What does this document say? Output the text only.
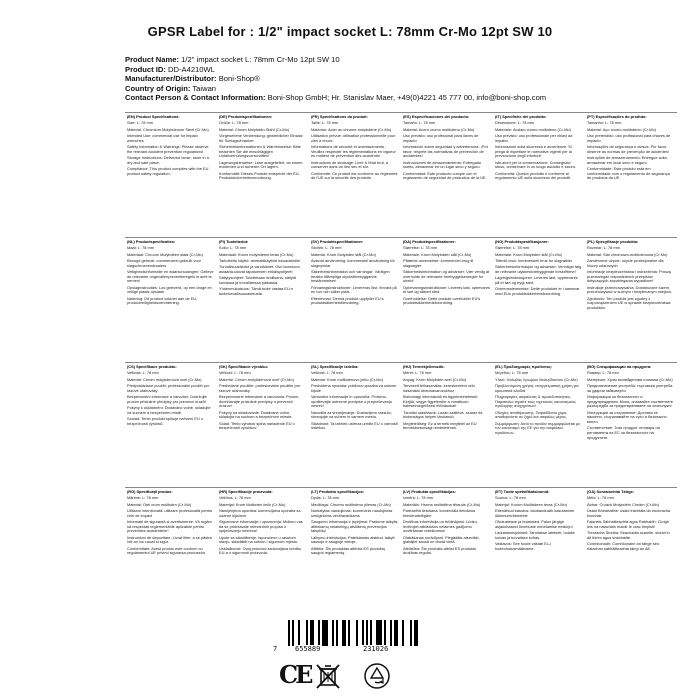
GPSR Label for : 1/2" impact socket L: 78mm Cr-Mo 12pt SW 10
Product Name: 1/2" impact socket L: 78mm Cr-Mo 12pt SW 10
Product ID: DD-A4210WL
Manufacturer/Distributor: Boni-Shop®
Country of Origin: Taiwan
Contact Person & Contact Information: Boni-Shop GmbH; Hr. Stanislav Maer, +49(0)4221 45 777 00, info@boni-shop.com

(EN) Product Specifications:

Size: L: 78 mm

Material: Chromium Molybdenum Steel (Cr-Mo)

Intended Use: commercial use for impact wrenches

Safety Information & Warnings: Please observe the relevant accident prevention regulations!

Storage Instructions: Delivered loose, store in a dry and safe place.

Compliance: This product complies with the EU product safety regulation.

(DE) Produktspezifikationen:

Größe: L: 78 mm

Material: Chrom Molybdän Stahl (Cr-Mo)

Vorgesehene Verwendung: gewerblicher Einsatz für Schlagschrauber

Sicherheitsinformationen & Warnhinweise: Bitte beachten Sie die einschlägigen Unfallverhütungsvorschriften!

Lagerungshinweise: Lose ausgeliefert, an einem trockenen und sicheren Ort lagern.

Konformität: Dieses Produkt entspricht der EU-Produktsicherheitsverordnung.

(FR) Spécifications du produit:

Taille: L: 78 mm

Matériau: Acier au chrome-molybdène (Cr-Mo)

Utilisation prévue: utilisation professionnelle pour clés à chocs

Informations de sécurité et avertissements : Veuillez respecter les réglementations en vigueur en matière de prévention des accidents!

Instructions de stockage: Livré à l'état brut, à conserver dans un lieu sec et sûr.

Conformité: Ce produit est conforme au règlement de l'UE sur la sécurité des produits.

(ES) Especificaciones del producto:

Tamaño: L: 78 mm

Material: Acero cromo molibdeno (Cr-Mo)

Uso previsto: uso profesional para llaves de impacto

Información sobre seguridad y advertencias: ¡Por favor, respete las normativas de prevención de accidentes!

Instrucciones de almacenamiento: Entregado suelto, almacenar en un lugar seco y seguro.

Conformidad: Este producto cumple con el reglamento de seguridad de productos de la UE.

(IT) Specifiche del prodotto:

Dimensione: L: 78 mm

Materiale: Acciaio cromo molibdeno (Cr-Mo)

Uso previsto: uso professionale per chiavi ad impatto

Informazioni sulla sicurezza e avvertenze: Si prega di rispettare le normative vigenti per la prevenzione degli infortuni!

Istruzioni per la conservazione: Consegnato sfuso, conservare in un luogo asciutto e sicuro.

Conformità: Questo prodotto è conforme al regolamento UE sulla sicurezza dei prodotti.

(PT) Especificações do produto:

Tamanho: L: 78 mm

Material: Aço cromo-molibdénio (Cr-Mo)

Uso pretendido: uso profissional para chaves de impacto

Informações de segurança e avisos: Por favor, observe as normas de prevenção de acidentes!

Instruções de armazenamento: Entregue solto, armazenar em local seco e seguro.

Conformidade: Este produto está em conformidade com o regulamento de segurança de produtos da UE.

(NL) Productspecificaties:

Maat: L: 78 mm

Materiaal: Chroom Molybdeen staal (Cr-Mo)

Beoogd gebruik: commercieel gebruik voor slagschroevendraaiers

Veiligheidsinformatie en waarschuwingen: Gelieve de relevante ongevallenpreventieregels in acht te nemen!

Opslaginstructies: Los geleverd, op een droge en veilige plaats opslaan.

Naleving: Dit product voldoet aan de EU-productveiligheidsverordening.

(FI) Tuotetiedot:

Koko: L: 78 mm

Materiaali: Kromi molybdeeni teräs (Cr-Mo)

Tarkoitettu käyttö: ammattikäyttöä iskuavaimille

Turvallisuustiedot ja varoitukset: Ota huomioon asiaankuuluvat tapaturmien ehkäisyohjeet!

Säilytysohjeet: Toimitetaan irrallisena, säilytä kuivassa ja turvallisessa paikassa.

Yhdenmukaisuus: Tämä tuote vastaa EU:n tuoteturvallisuusasetusta.

(SV) Produktspecifikationer:

Storlek: L: 78 mm

Material: Krom Molybden stål (Cr-Mo)

Avsedd användning: kommersiell användning för slagnycklar

Säkerhetsinformation och varningar: Vänligen beakta tillämpliga olycksförebyggande bestämmelser!

Förvaringsinstruktioner: Levereras löst, förvara på en torr och säker plats.

Efterlevnad: Denna produkt uppfyller EU:s produktsäkerhetsförordning.

(DA) Produktspecifikationer:

Størrelse: L: 78 mm

Materiale: Krom Molybdæn stål (Cr-Mo)

Påtænkt anvendelse: kommerciel brug til slagnøgler

Sikkerhedsinformation og advarsler: Vær venlig at overholde de relevante forebyggelsesregler for uheld!

Opbevaringsinstruktioner: Leveres løst, opbevares et tørt og sikkert sted.

Overholdelse: Dette produkt overholder EU's produktsikkerhedsforordning.

(NO) Produktspesifikasjoner:

Størrelse: L: 78 mm

Materiale: Krom Molybden stål (Cr-Mo)

Tiltenkt bruk: kommersiell bruk for slagnøkler

Sikkerhetsinformasjon og advarsler: Vennligst følg de relevante ulykkesforebyggende forskriftene!

Lagringsinstruksjoner: Leveres løst, oppbevares på et tørt og trygt sted.

Overensstemmelse: Dette produktet er i samsvar med EUs produktsikkerhetsforordning.

(PL) Specyfikacje produktu:

Rozmiar: L: 78 mm

Materiał: Stal chromowo-molibdenowa (Cr-Mo)

Zamierzone użycie: użycie profesjonalne dla kluczy udarowych

Informacje bezpieczeństwa i ostrzeżenia: Proszę przestrzegać odpowiednich przepisów dotyczących zapobiegania wypadkom!

Instrukcje przechowywania: Dostarczone luzem, przechowywać w suchym i bezpiecznym miejscu.

Zgodność: Ten produkt jest zgodny z rozporządzeniem UE w sprawie bezpieczeństwa produktów.

(CS) Specifikace produktu:

Velikost: L: 78 mm

Materiál: Chrom molybdenová ocel (Cr-Mo)

Předpokládané použití: profesionální použití pro rázové utahováky

Bezpečnostní informace a varování: Dodržujte prosím příslušné předpisy pro prevenci úrazů!

Pokyny k uskladnění: Dodáváno volně, skladujte na suchém a bezpečném místě.

Soulad: Tento produkt splňuje nařízení EU o bezpečnosti výrobků.

(SK) Špecifikácie výrobku:

Veľkosť: L: 78 mm

Materiál: Chróm molybdénová oceľ (Cr-Mo)

Predvídané použitie: profesionálne použitie pre rázové uťahováky

Bezpečnostné informácie a varovania: Prosím, dodržiavajte príslušné predpisy o prevencii úrazov!

Pokyny na skladovanie: Dodávané voľne, skladujte na suchom a bezpečnom mieste.

Súlad: Tento výrobok spĺňa nariadenie EÚ o bezpečnosti výrobkov.

(SL) Specifikacije izdelka:

Velikost: L: 78 mm

Material: Krom molibdenovo jeklo (Cr-Mo)

Predvidena uporaba: poklicna uporaba za udarne ključe

Varnostne informacije in opozorila: Prosimo, upoštevajte ustrezne predpise o preprečevanju nesreč!

Navodila za shranjevanje: Dostavljeno razsuto, shranjujte na suhem in varnem mestu.

Skladnost: Ta izdelek ustreza uredbi EU o varnosti izdelkov.

(HU) Termékjellemzők:

Méret: L: 78 mm

Anyag: Króm Molybdén acél (Cr-Mo)

Tervezett felhasználás: kereskedelmi célú használat ütvecsavarozókhoz

Biztonsági információk és figyelmeztetések: Kérjük, vegye figyelembe a vonatkozó balesetmegelőzési előírásokat!

Tárolási utasítások: Lazán szállítva, száraz és biztonságos helyen tárolandó.

Megfelelőség: Ez a termék megfelel az EU termékbiztonsági rendeletének.

(EL) Προδιαγραφές προϊόντος:

Μέγεθος: L: 78 mm

Υλικό: Χάλυβας Χρωμίου Μολυβδαινίου (Cr-Mo)

Προβλεπόμενη χρήση: επαγγελματική χρήση για κρουστικά κλειδιά

Πληροφορίες ασφάλειας & προειδοποιήσεις: Παρακαλώ τηρείτε τους σχετικούς κανονισμούς πρόληψης ατυχημάτων!

Οδηγίες αποθήκευσης: Παραδίδεται χύμα, αποθηκεύστε σε ξηρό και ασφαλές μέρος.

Συμμόρφωση: Αυτό το προϊόν συμμορφώνεται με τον κανονισμό της ΕΕ για την ασφάλεια προϊόντων.

(BG) Спецификации на продукта:

Размер: L: 78 mm

Материал: Хром молибденова стомана (Cr-Mo)

Предназначение употреба: търговска употреба за ударни гайковерти

Информация за безопасност и предупреждения: Моля, спазвайте съответните разпоредби за предотвратяване на злополуки!

Инструкции за съхранение: Доставя се насипно, съхранявайте на сухо и безопасно място.

Съответствие: Този продукт отговаря на регламента на ЕС за безопасност на продуктите.

(RO) Specificații produs:

Mărime: L: 78 mm

Material: Oțel crom molibden (Cr-Mo)

Utilizare intenționată: utilizare profesională pentru chei de impact

Informații de siguranță și avertismente: Vă rugăm să respectați reglementările aplicabile pentru prevenirea accidentelor!

Instrucțiuni de depozitare: Livrat liber, a se păstra într-un loc uscat și sigur.

Conformitate: Acest produs este conform cu regulamentul UE privind siguranța produselor.

(HR) Specifikacije proizvoda:

Veličina: L: 78 mm

Materijal: Krom Molibden čelik (Cr-Mo)

Namijenjena uporaba: komercijalna uporaba za udarne ključeve

Sigurnosne informacije i upozorenja: Molimo vas da se pridržavate relevantnih propisa o sprječavanju nesreća!

Upute za skladištenje: Isporučeno u rasutom stanju, skladištiti na suhom i sigurnom mjestu.

Usklađenost: Ovaj proizvod zadovoljava uredbu EU-a o sigurnosti proizvoda.

(LT) Produkto specifikacijos:

Dydis: L: 78 mm

Medžiaga: Chromo molibdeno plienas (Cr-Mo)

Numatytas naudojimas: komercinis naudojimas smūginiams veržliarakčiams

Saugumo informacija ir įspėjimai: Prašome laikytis atitinkamų nelaimingų atsitikimų prevencijos taisyklių!

Laikymo instrukcijos: Pateikiamas atskirai, laikyti sausoje ir saugioje vietoje.

Atitiktis: Šis produktas atitinka ES produktų saugos reglamentą.

(LV) Produkta specifikācijas:

Izmērs: L: 78 mm

Materiāls: Hroma molibdēna tērauds (Cr-Mo)

Paredzētā lietošana: komerciāla lietošana triecienatslēgām

Drošības informācija un brīdinājumi: Lūdzu, ievērojiet atbilstošos nelaimes gadījumu novēršanas noteikumus!

Glabāšanas norādījumi: Piegādāts atsevišķi, glabājiet sausā un drošā vietā.

Atbilstība: Šis produkts atbilst ES produktu drošības regulai.

(ET) Toote spetsifikatsioonid:

Suurus: L: 78 mm

Materjal: Kroom Molübdeen teras (Cr-Mo)

Ettenähtud kasutus: kaubanduslik kasutamine löökmutrivõtmetele

Ohutusteave ja hoiatused: Palun järgige asjakohaseid õnnetuste ennetamise eeskirju!

Ladustamisjuhised: Tarnitakse lahtiselt, hoidke kuivas ja turvalises kohas.

Vastavus: See toode vastab EL-i tooteohutusmäärusele.

(GA) Sonraíochtaí Táirge:

Méid: L: 78 mm

Ábhar: Cruach Molybdéin Chróim (Cr-Mo)

Úsáid Bheartaithe: úsáid tráchtála do eochracha tionchair

Faisnéis Sábháilteachta agus Rabhaidh: Cloígh leis na rialacháin maidir le cosc timpistí!

Treoracha Stórála: Seachadta scaoilte, stóráil in áit thirim agus shábháilte.

Comhlíonadh: Comhlíonann an táirge seo rialachán sábháilteachta táirgí an AE.

7	655889	231026
CE
